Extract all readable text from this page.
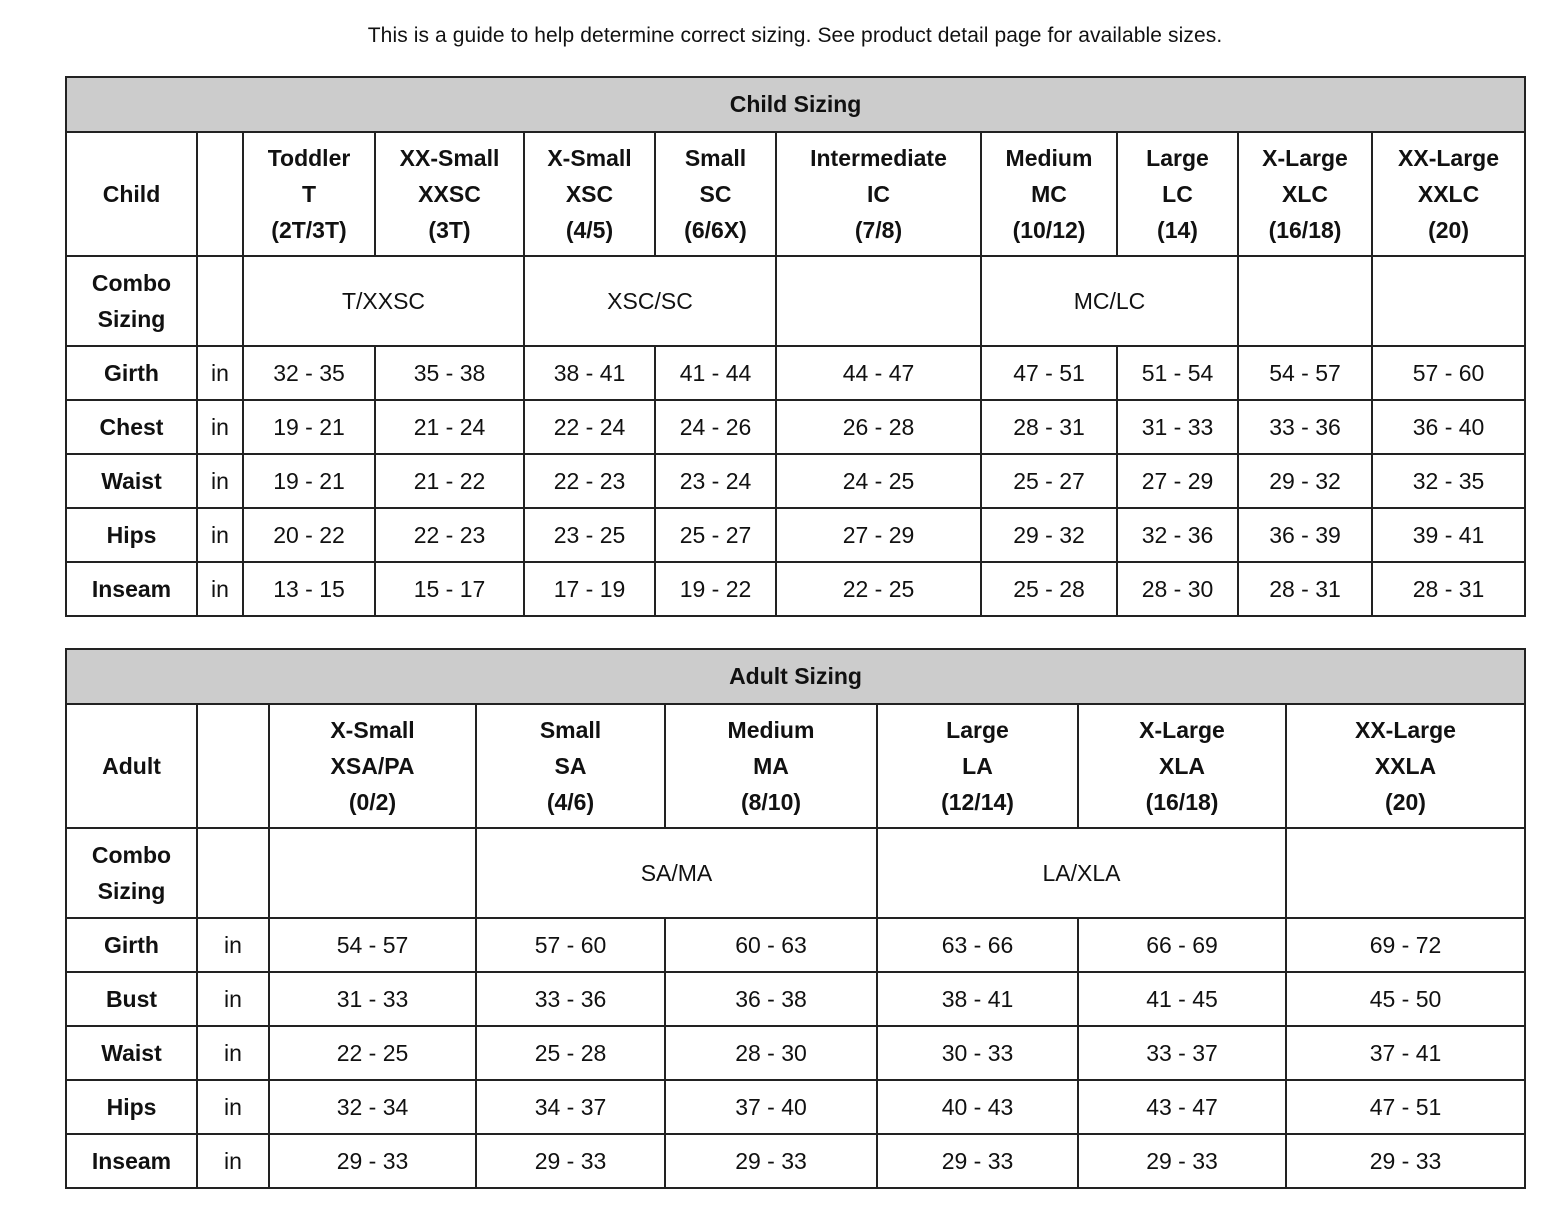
This is a guide to help determine correct sizing. See product detail page for available sizes.
Child Sizing										
Child		Toddler
T
(2T/3T)	XX-Small
XXSC
(3T)	X-Small
XSC
(4/5)	Small
SC
(6/6X)	Intermediate
IC
(7/8)	Medium
MC
(10/12)	Large
LC
(14)	X-Large
XLC
(16/18)	XX-Large
XXLC
(20)

Combo
Sizing		T/XXSC		XSC/SC			MC/LC			
Girth	in	32 - 35	35 - 38	38 - 41	41 - 44	44 - 47	47 - 51	51 - 54	54 - 57	57 - 60
Chest	in	19 - 21	21 - 24	22 - 24	24 - 26	26 - 28	28 - 31	31 - 33	33 - 36	36 - 40
Waist	in	19 - 21	21 - 22	22 - 23	23 - 24	24 - 25	25 - 27	27 - 29	29 - 32	32 - 35
Hips	in	20 - 22	22 - 23	23 - 25	25 - 27	27 - 29	29 - 32	32 - 36	36 - 39	39 - 41
Inseam	in	13 - 15	15 - 17	17 - 19	19 - 22	22 - 25	25 - 28	28 - 30	28 - 31	28 - 31
Adult Sizing							
Adult		X-Small
XSA/PA
(0/2)	Small
SA
(4/6)	Medium
MA
(8/10)	Large
LA
(12/14)	X-Large
XLA
(16/18)	XX-Large
XXLA
(20)

Combo
Sizing			SA/MA		LA/XLA		
Girth	in	54 - 57	57 - 60	60 - 63	63 - 66	66 - 69	69 - 72
Bust	in	31 - 33	33 - 36	36 - 38	38 - 41	41 - 45	45 - 50
Waist	in	22 - 25	25 - 28	28 - 30	30 - 33	33 - 37	37 - 41
Hips	in	32 - 34	34 - 37	37 - 40	40 - 43	43 - 47	47 - 51
Inseam	in	29 - 33	29 - 33	29 - 33	29 - 33	29 - 33	29 - 33
